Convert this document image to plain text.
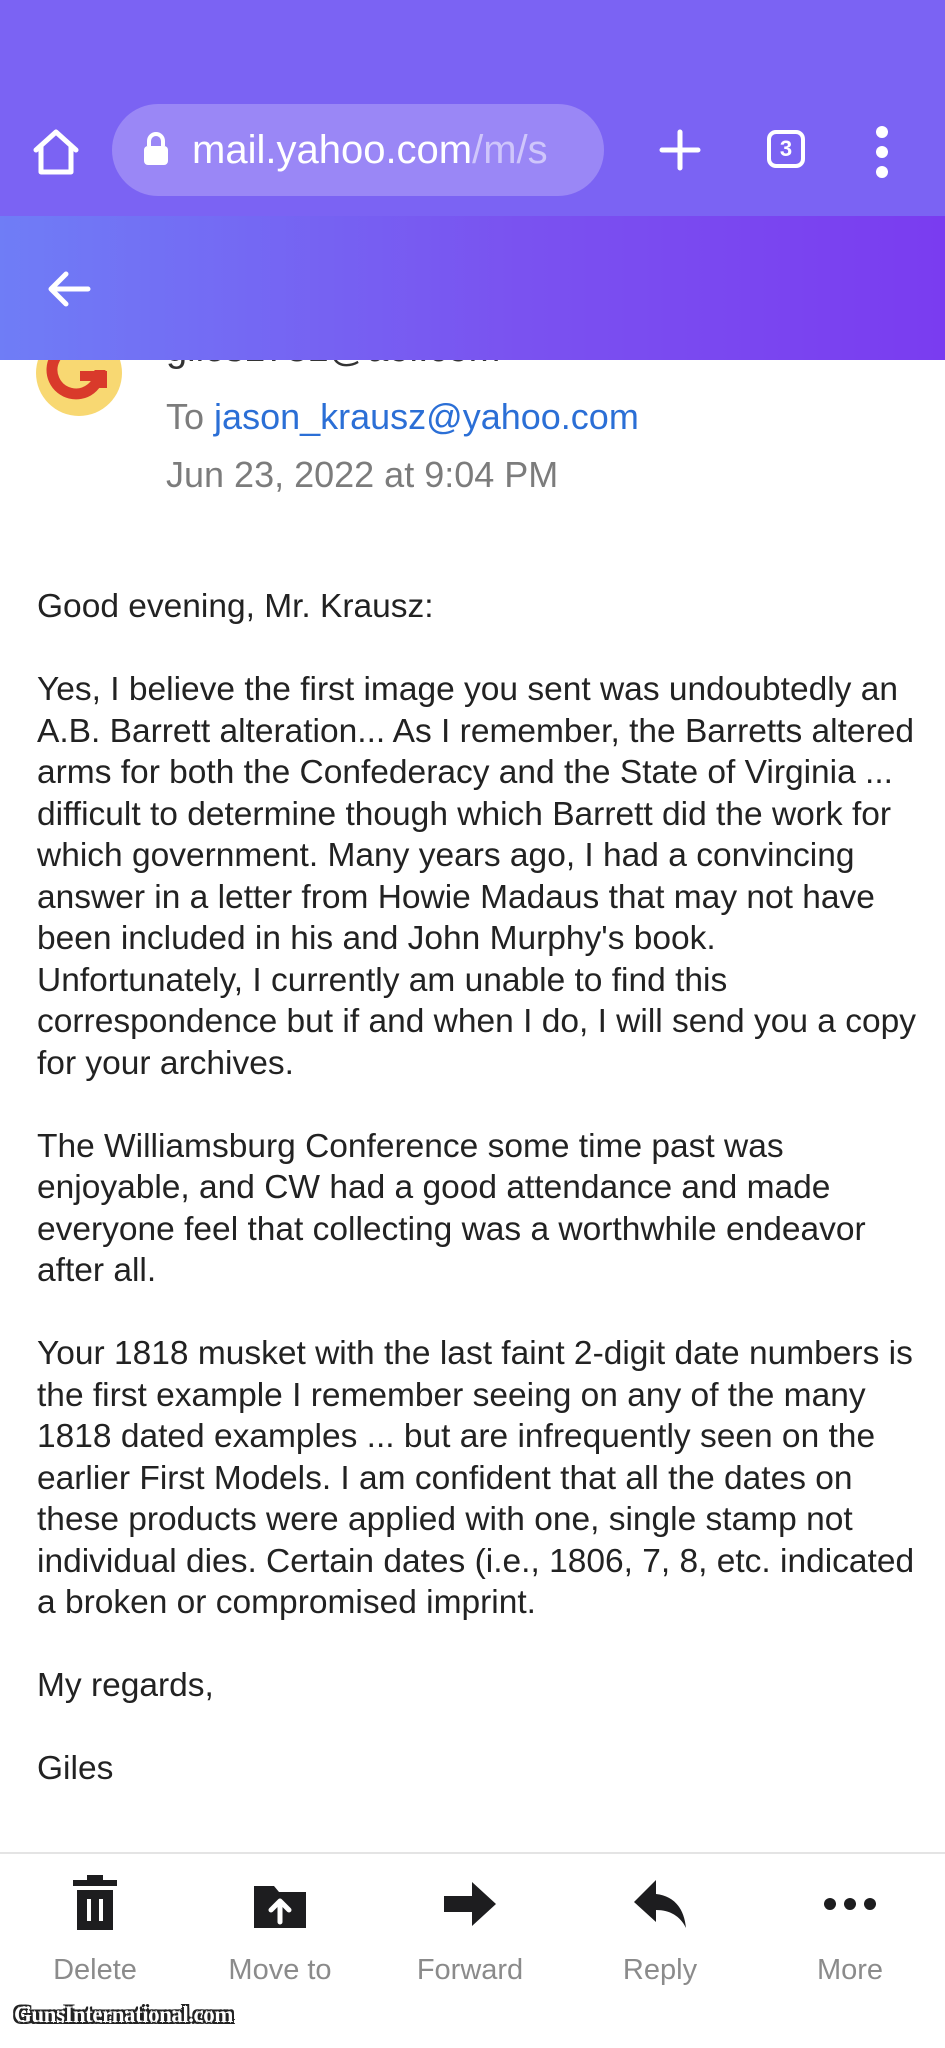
mail.yahoo.com/m/s	3
To jason_krausz@yahoo.com
Jun 23, 2022 at 9:04 PM

Good evening, Mr. Krausz:

Yes, I believe the first image you sent was undoubtedly an A.B. Barrett alteration... As I remember, the Barretts altered arms for both the Confederacy and the State of Virginia ... difficult to determine though which Barrett did the work for which government. Many years ago, I had a convincing answer in a letter from Howie Madaus that may not have been included in his and John Murphy's book. Unfortunately, I currently am unable to find this correspondence but if and when I do, I will send you a copy for your archives.

The Williamsburg Conference some time past was enjoyable, and CW had a good attendance and made everyone feel that collecting was a worthwhile endeavor after all.

Your 1818 musket with the last faint 2-digit date numbers is the first example I remember seeing on any of the many 1818 dated examples ... but are infrequently seen on the earlier First Models. I am confident that all the dates on these products were applied with one, single stamp not individual dies. Certain dates (i.e., 1806, 7, 8, etc. indicated a broken or compromised imprint.

My regards,

Giles

Delete	Move to	Forward	Reply	More
GunsInternational.com
